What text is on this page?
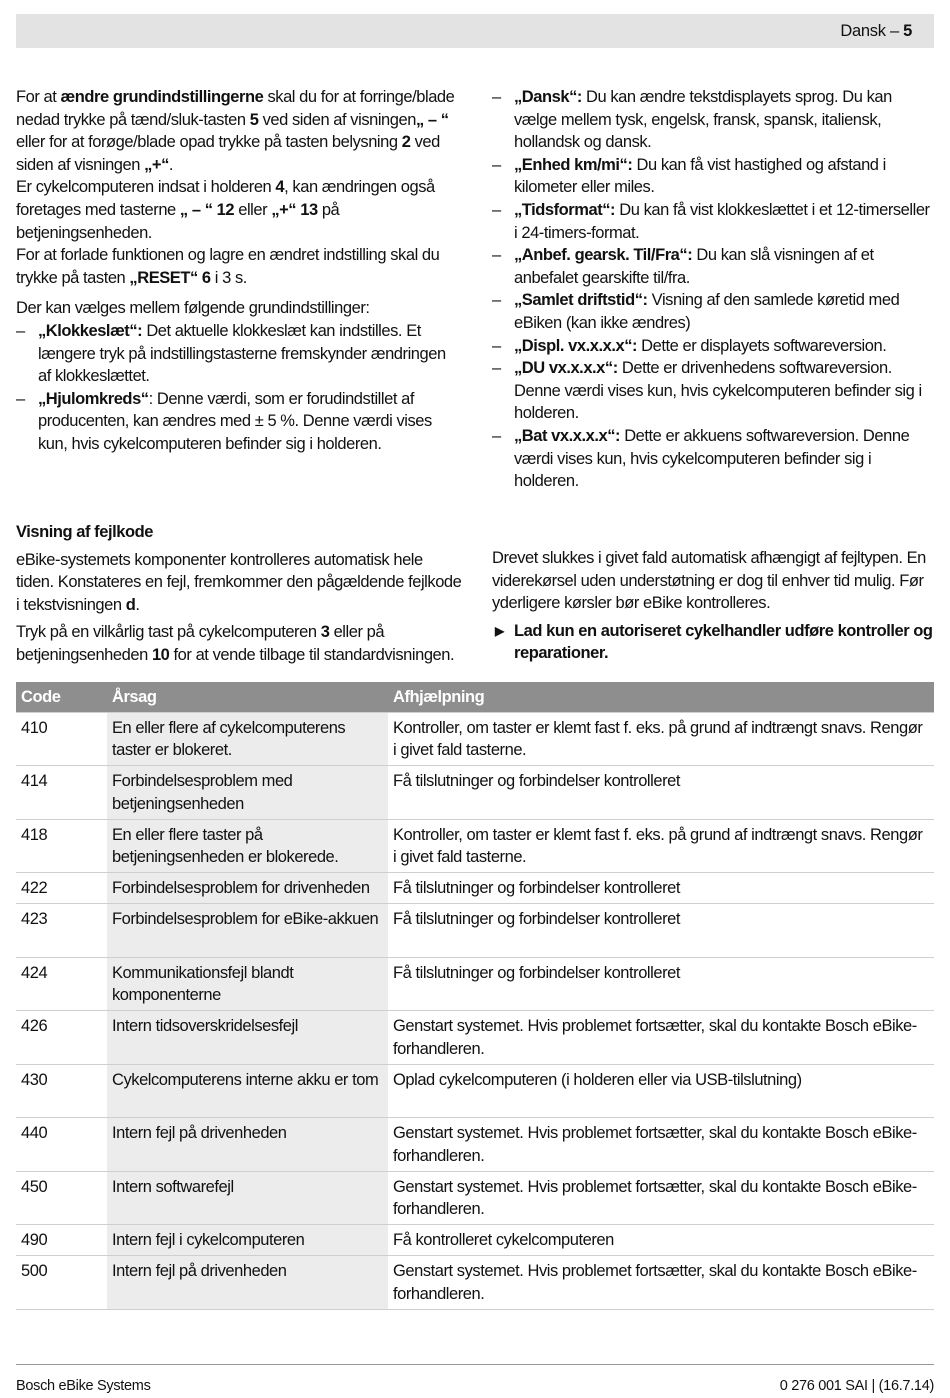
Dansk – 5

For at ændre grundindstillingerne skal du for at forringe/blade nedad trykke på tænd/sluk-tasten 5 ved siden af visningen„ – “ eller for at forøge/blade opad trykke på tasten belysning 2 ved siden af visningen „+“.

Er cykelcomputeren indsat i holderen 4, kan ændringen også foretages med tasterne „ – “ 12 eller „+“ 13 på betjeningsenheden.

For at forlade funktionen og lagre en ændret indstilling skal du trykke på tasten „RESET“ 6 i 3 s.

Der kan vælges mellem følgende grundindstillinger:

– „Klokkeslæt“: Det aktuelle klokkeslæt kan indstilles. Et længere tryk på indstillingstasterne fremskynder ændringen af klokkeslættet.
– „Hjulomkreds“: Denne værdi, som er forudindstillet af producenten, kan ændres med ± 5 %. Denne værdi vises kun, hvis cykelcomputeren befinder sig i holderen.
– „Dansk“: Du kan ændre tekstdisplayets sprog. Du kan vælge mellem tysk, engelsk, fransk, spansk, italiensk, hollandsk og dansk.
– „Enhed km/mi“: Du kan få vist hastighed og afstand i kilometer eller miles.
– „Tidsformat“: Du kan få vist klokkeslættet i et 12-timerseller i 24-timers-format.
– „Anbef. gearsk. Til/Fra“: Du kan slå visningen af et anbefalet gearskifte til/fra.
– „Samlet driftstid“: Visning af den samlede køretid med eBiken (kan ikke ændres)
– „Displ. vx.x.x.x“: Dette er displayets softwareversion.
– „DU vx.x.x.x“: Dette er drivenhedens softwareversion. Denne værdi vises kun, hvis cykelcomputeren befinder sig i holderen.
– „Bat vx.x.x.x“: Dette er akkuens softwareversion. Denne værdi vises kun, hvis cykelcomputeren befinder sig i holderen.

Visning af fejlkode

eBike-systemets komponenter kontrolleres automatisk hele tiden. Konstateres en fejl, fremkommer den pågældende fejlkode i tekstvisningen d.

Tryk på en vilkårlig tast på cykelcomputeren 3 eller på betjeningsenheden 10 for at vende tilbage til standardvisningen.

Drevet slukkes i givet fald automatisk afhængigt af fejltypen. En viderekørsel uden understøtning er dog til enhver tid mulig. Før yderligere kørsler bør eBike kontrolleres.

▶ Lad kun en autoriseret cykelhandler udføre kontroller og reparationer.
Code	Årsag	Afhjælpning
410	En eller flere af cykelcomputerens taster er blokeret.	Kontroller, om taster er klemt fast f. eks. på grund af indtrængt snavs. Rengør i givet fald tasterne.
414	Forbindelsesproblem med betjeningsenheden	Få tilslutninger og forbindelser kontrolleret
418	En eller flere taster på betjeningsenheden er blokerede.	Kontroller, om taster er klemt fast f. eks. på grund af indtrængt snavs. Rengør i givet fald tasterne.
422	Forbindelsesproblem for drivenheden	Få tilslutninger og forbindelser kontrolleret
423	Forbindelsesproblem for eBike-akkuen	Få tilslutninger og forbindelser kontrolleret
424	Kommunikationsfejl blandt komponenterne	Få tilslutninger og forbindelser kontrolleret
426	Intern tidsoverskridelsesfejl	Genstart systemet. Hvis problemet fortsætter, skal du kontakte Bosch eBike-forhandleren.
430	Cykelcomputerens interne akku er tom	Oplad cykelcomputeren (i holderen eller via USB-tilslutning)
440	Intern fejl på drivenheden	Genstart systemet. Hvis problemet fortsætter, skal du kontakte Bosch eBike-forhandleren.
450	Intern softwarefejl	Genstart systemet. Hvis problemet fortsætter, skal du kontakte Bosch eBike-forhandleren.
490	Intern fejl i cykelcomputeren	Få kontrolleret cykelcomputeren
500	Intern fejl på drivenheden	Genstart systemet. Hvis problemet fortsætter, skal du kontakte Bosch eBike-forhandleren.
Bosch eBike Systems	0 276 001 SAI | (16.7.14)
